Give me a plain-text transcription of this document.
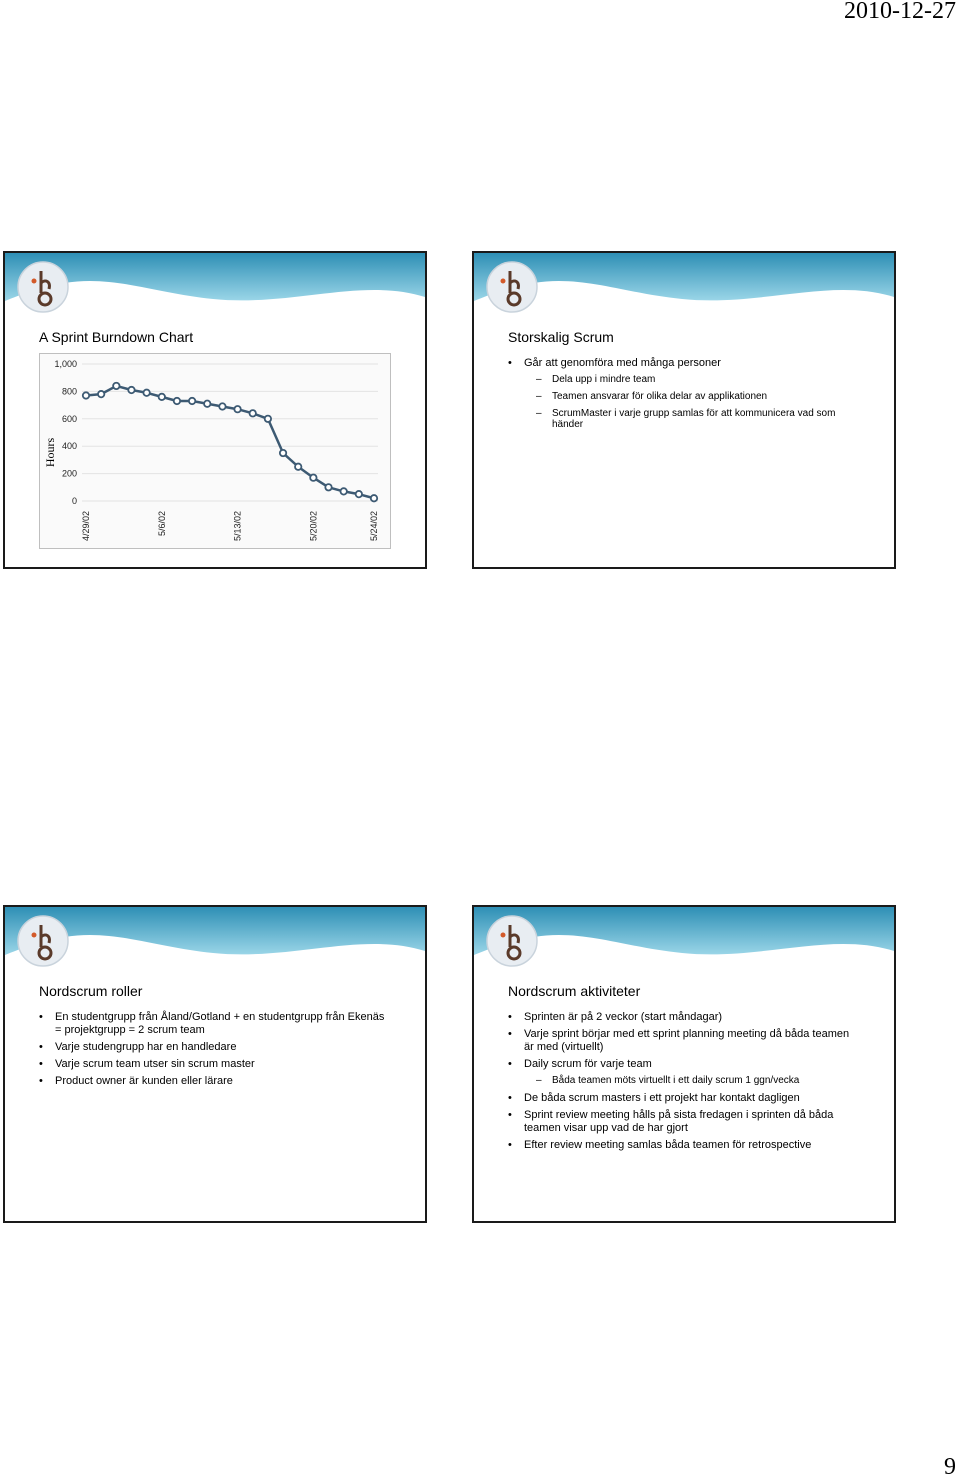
2010-12-27
A Sprint Burndown Chart
1,000
800
600
400
200
0
Hours
4/29/02	5/6/02	5/13/02	5/20/02	5/24/02
Storskalig Scrum
• Går att genomföra med många personer
– Dela upp i mindre team
– Teamen ansvarar för olika delar av applikationen
– ScrumMaster i varje grupp samlas för att kommunicera vad som händer
Nordscrum roller
• En studentgrupp från Åland/Gotland + en studentgrupp från Ekenäs = projektgrupp = 2 scrum team
• Varje studengrupp har en handledare
• Varje scrum team utser sin scrum master
• Product owner är kunden eller lärare
Nordscrum aktiviteter
• Sprinten är på 2 veckor (start måndagar)
• Varje sprint börjar med ett sprint planning meeting då båda teamen är med (virtuellt)
• Daily scrum för varje team
– Båda teamen möts virtuellt i ett daily scrum 1 ggn/vecka
• De båda scrum masters i ett projekt har kontakt dagligen
• Sprint review meeting hålls på sista fredagen i sprinten då båda teamen visar upp vad de har gjort
• Efter review meeting samlas båda teamen för retrospective
9
